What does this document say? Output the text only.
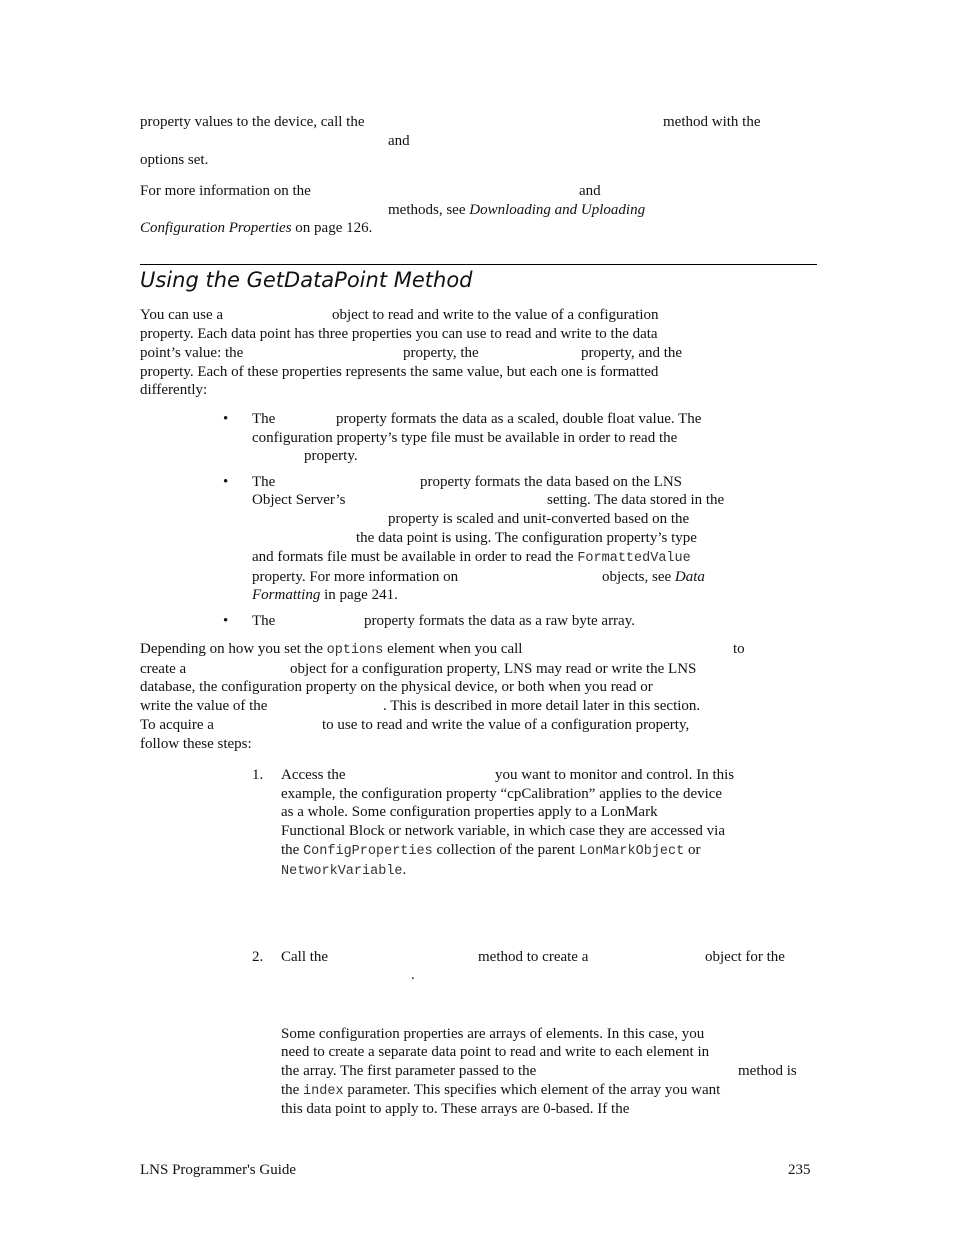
property values to the device, call the	method with the
and
options set.
For more information on the	and
methods, see Downloading and Uploading
Configuration Properties on page 126.
Using the GetDataPoint Method
You can use a	object to read and write to the value of a configuration
property. Each data point has three properties you can use to read and write to the data
point’s value: the	property, the	property, and the
property. Each of these properties represents the same value, but each one is formatted
differently:
• The	property formats the data as a scaled, double float value. The
configuration property’s type file must be available in order to read the
property.
• The	property formats the data based on the LNS
Object Server’s	setting. The data stored in the
property is scaled and unit-converted based on the
the data point is using. The configuration property’s type
and formats file must be available in order to read the FormattedValue
property. For more information on	objects, see Data
Formatting in page 241.
• The	property formats the data as a raw byte array.
Depending on how you set the options element when you call	to
create a	object for a configuration property, LNS may read or write the LNS
database, the configuration property on the physical device, or both when you read or
write the value of the	. This is described in more detail later in this section.
To acquire a	to use to read and write the value of a configuration property,
follow these steps:
1. Access the	you want to monitor and control. In this
example, the configuration property “cpCalibration” applies to the device
as a whole. Some configuration properties apply to a LonMark
Functional Block or network variable, in which case they are accessed via
the ConfigProperties collection of the parent LonMarkObject or
NetworkVariable.
2. Call the	method to create a	object for the
.
Some configuration properties are arrays of elements. In this case, you
need to create a separate data point to read and write to each element in
the array. The first parameter passed to the	method is
the index parameter. This specifies which element of the array you want
this data point to apply to. These arrays are 0-based. If the
LNS Programmer's Guide	235
